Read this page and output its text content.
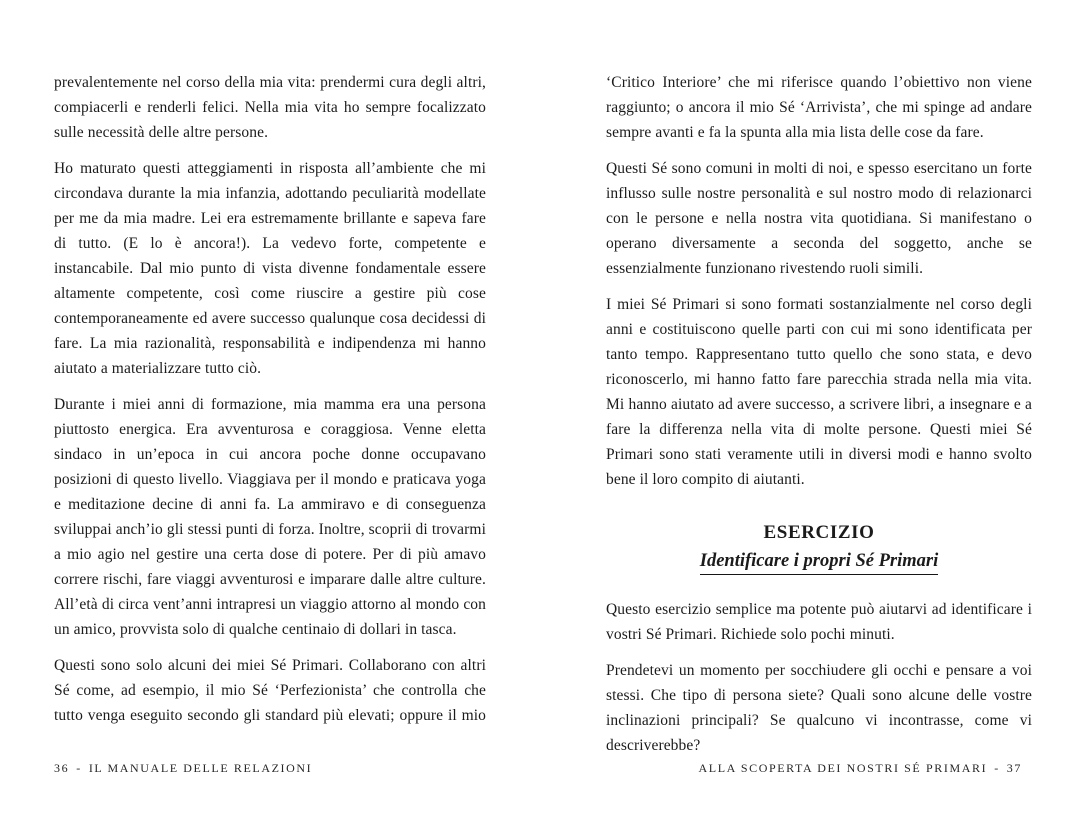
prevalentemente nel corso della mia vita: prendermi cura degli altri, compiacerli e renderli felici. Nella mia vita ho sempre focalizzato sulle necessità delle altre persone.

Ho maturato questi atteggiamenti in risposta all’ambiente che mi circondava durante la mia infanzia, adottando peculiarità modellate per me da mia madre. Lei era estremamente brillante e sapeva fare di tutto. (E lo è ancora!). La vedevo forte, competente e instancabile. Dal mio punto di vista divenne fondamentale essere altamente competente, così come riuscire a gestire più cose contemporaneamente ed avere successo qualunque cosa decidessi di fare. La mia razionalità, responsabilità e indipendenza mi hanno aiutato a materializzare tutto ciò.

Durante i miei anni di formazione, mia mamma era una persona piuttosto energica. Era avventurosa e coraggiosa. Venne eletta sindaco in un’epoca in cui ancora poche donne occupavano posizioni di questo livello. Viaggiava per il mondo e praticava yoga e meditazione decine di anni fa. La ammiravo e di conseguenza sviluppai anch’io gli stessi punti di forza. Inoltre, scoprii di trovarmi a mio agio nel gestire una certa dose di potere. Per di più amavo correre rischi, fare viaggi avventurosi e imparare dalle altre culture. All’età di circa vent’anni intrapresi un viaggio attorno al mondo con un amico, provvista solo di qualche centinaio di dollari in tasca.

Questi sono solo alcuni dei miei Sé Primari. Collaborano con altri Sé come, ad esempio, il mio Sé ‘Perfezionista’ che controlla che tutto venga eseguito secondo gli standard più elevati; oppure il mio

‘Critico Interiore’ che mi riferisce quando l’obiettivo non viene raggiunto; o ancora il mio Sé ‘Arrivista’, che mi spinge ad andare sempre avanti e fa la spunta alla mia lista delle cose da fare.

Questi Sé sono comuni in molti di noi, e spesso esercitano un forte influsso sulle nostre personalità e sul nostro modo di relazionarci con le persone e nella nostra vita quotidiana. Si manifestano o operano diversamente a seconda del soggetto, anche se essenzialmente funzionano rivestendo ruoli simili.

I miei Sé Primari si sono formati sostanzialmente nel corso degli anni e costituiscono quelle parti con cui mi sono identificata per tanto tempo. Rappresentano tutto quello che sono stata, e devo riconoscerlo, mi hanno fatto fare parecchia strada nella mia vita. Mi hanno aiutato ad avere successo, a scrivere libri, a insegnare e a fare la differenza nella vita di molte persone. Questi miei Sé Primari sono stati veramente utili in diversi modi e hanno svolto bene il loro compito di aiutanti.

ESERCIZIO
Identificare i propri Sé Primari

Questo esercizio semplice ma potente può aiutarvi ad identificare i vostri Sé Primari. Richiede solo pochi minuti.

Prendetevi un momento per socchiudere gli occhi e pensare a voi stessi. Che tipo di persona siete? Quali sono alcune delle vostre inclinazioni principali? Se qualcuno vi incontrasse, come vi descriverebbe?

36 - IL MANUALE DELLE RELAZIONI	ALLA SCOPERTA DEI NOSTRI SÉ PRIMARI - 37
